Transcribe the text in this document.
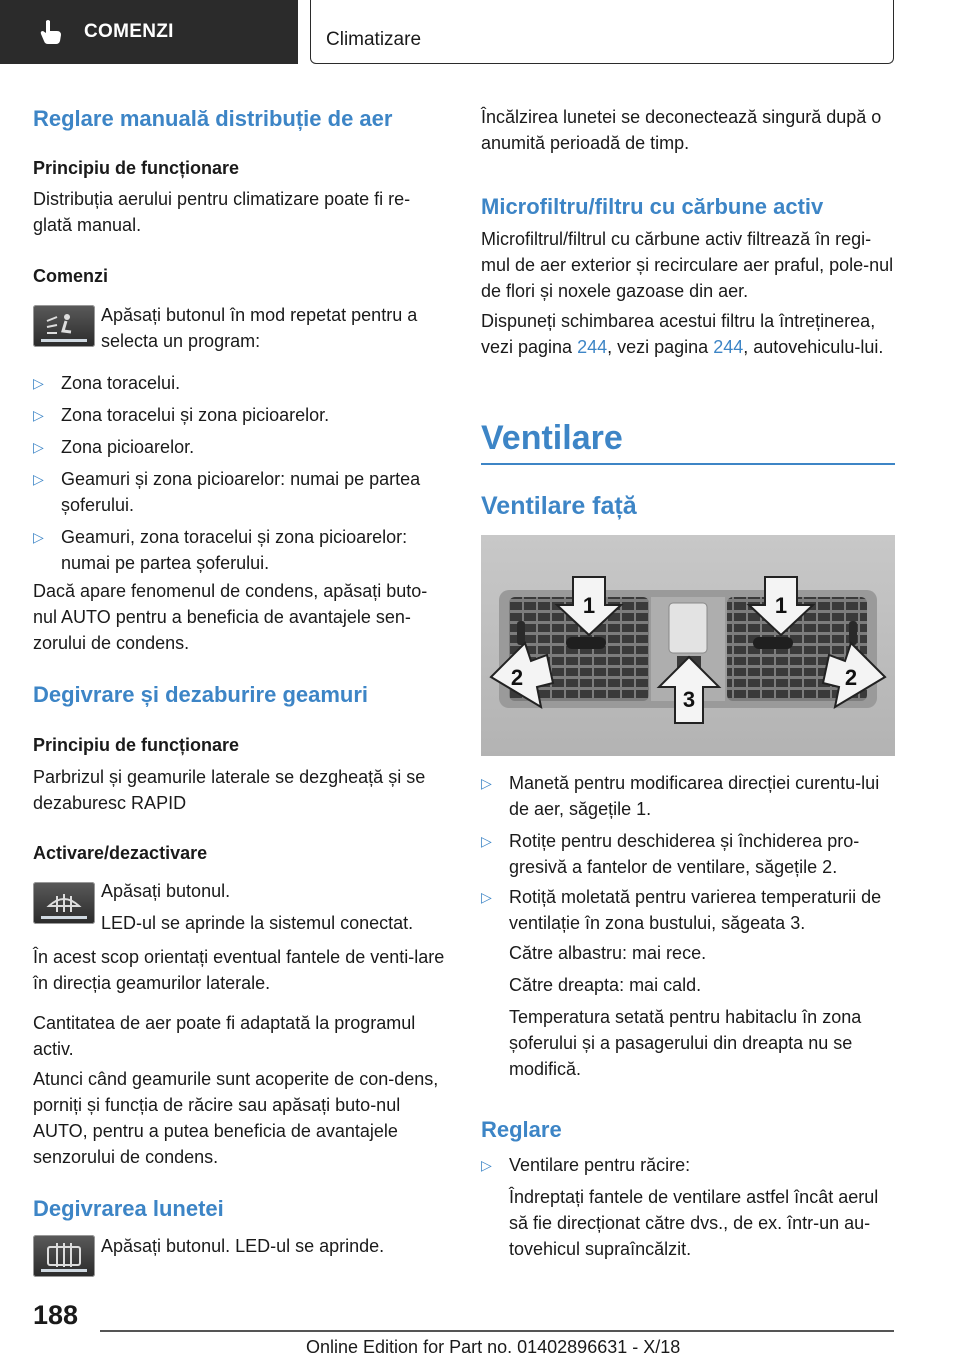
COMENZI	Climatizare
Reglare manuală distribuție de aer
Principiu de funcționare

Distribuția aerului pentru climatizare poate fi re-glată manual.

Comenzi

Apăsați butonul în mod repetat pentru a selecta un program:

▷ Zona toracelui.
▷ Zona toracelui și zona picioarelor.
▷ Zona picioarelor.
▷ Geamuri și zona picioarelor: numai pe partea șoferului.
▷ Geamuri, zona toracelui și zona picioarelor: numai pe partea șoferului.

Dacă apare fenomenul de condens, apăsați buto-nul AUTO pentru a beneficia de avantajele sen-zorului de condens.

Degivrare și dezaburire geamuri
Principiu de funcționare

Parbrizul și geamurile laterale se dezgheață și se dezaburesc RAPID

Activare/dezactivare

Apăsați butonul.

LED-ul se aprinde la sistemul conectat.

În acest scop orientați eventual fantele de venti-lare în direcția geamurilor laterale.

Cantitatea de aer poate fi adaptată la programul activ.

Atunci când geamurile sunt acoperite de con-dens, porniți și funcția de răcire sau apăsați buto-nul AUTO, pentru a putea beneficia de avantajele senzorului de condens.

Degivrarea lunetei

Apăsați butonul. LED-ul se aprinde.

Încălzirea lunetei se deconectează singură după o anumită perioadă de timp.

Microfiltru/filtru cu cărbune activ

Microfiltrul/filtrul cu cărbune activ filtrează în regi-mul de aer exterior și recirculare aer praful, pole-nul de flori și noxele gazoase din aer.

Dispuneți schimbarea acestui filtru la întreținerea, vezi pagina 244, vezi pagina 244, autovehiculu-lui.

Ventilare
Ventilare față
1	1
2	2
3
▷ Manetă pentru modificarea direcției curentu-lui de aer, săgețile 1.
▷ Rotițe pentru deschiderea și închiderea pro-gresivă a fantelor de ventilare, săgețile 2.
▷ Rotiță moletată pentru varierea temperaturii de ventilație în zona bustului, săgeata 3.

Către albastru: mai rece.

Către dreapta: mai cald.

Temperatura setată pentru habitaclu în zona șoferului și a pasagerului din dreapta nu se modifică.

Reglare
▷ Ventilare pentru răcire:

Îndreptați fantele de ventilare astfel încât aerul să fie direcționat către dvs., de ex. într-un au-tovehicul supraîncălzit.

188
Online Edition for Part no. 01402896631 - X/18
